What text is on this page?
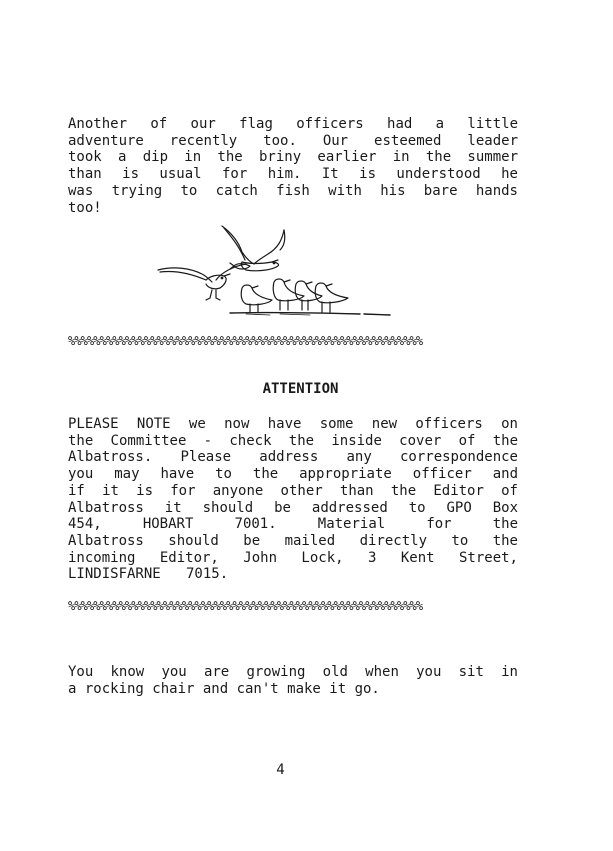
Another of our flag officers had a little
adventure recently too. Our esteemed leader
took a dip in the briny earlier in the summer
than is usual for him. It is understood he
was trying to catch fish with his bare hands
too!
%%%%%%%%%%%%%%%%%%%%%%%%%%%%%%%%%%%%%%%%%%%%%%%%%%%%%%%%
ATTENTION
PLEASE NOTE we now have some new officers on
the Committee - check the inside cover of the
Albatross. Please address any correspondence
you may have to the appropriate officer and
if it is for anyone other than the Editor of
Albatross it should be addressed to GPO Box
454, HOBART 7001. Material for the
Albatross should be mailed directly to the
incoming Editor, John Lock, 3 Kent Street,
LINDISFARNE   7015.
%%%%%%%%%%%%%%%%%%%%%%%%%%%%%%%%%%%%%%%%%%%%%%%%%%%%%%%%
You know you are growing old when you sit in
a rocking chair and can't make it go.
4
